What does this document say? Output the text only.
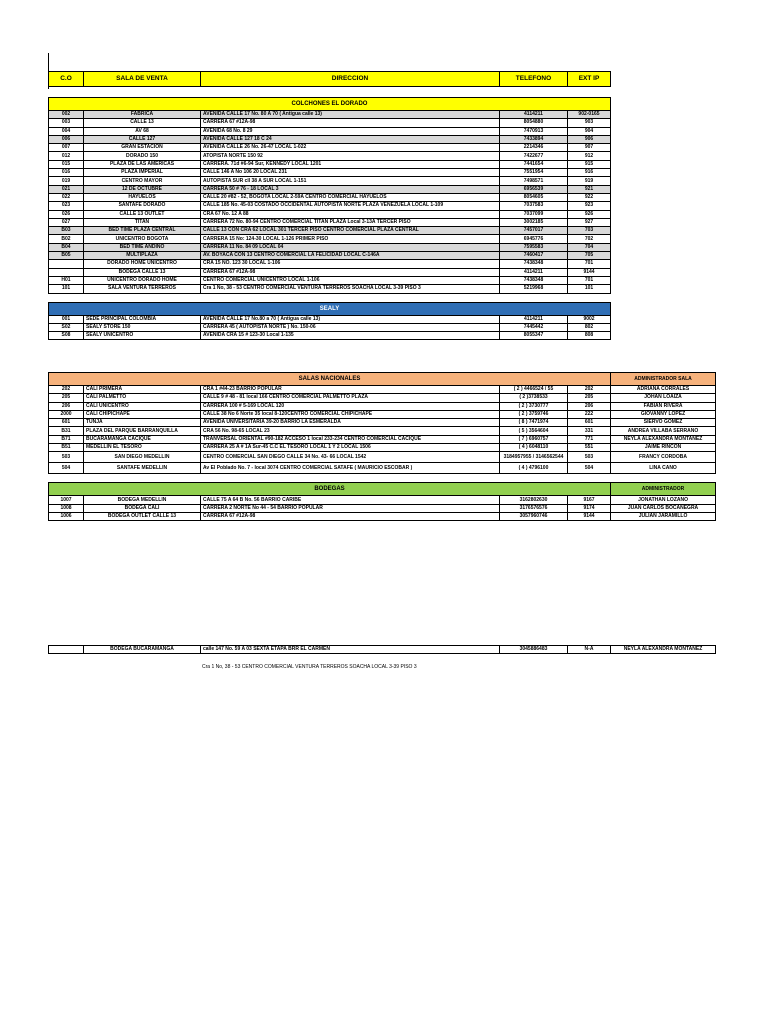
C.O	SALA DE VENTA	DIRECCION	TELEFONO	EXT IP

COLCHONES EL DORADO				
002	FABRICA	AVENIDA CALLE 17 No. 80 A 70 ( Antigua calle 13)	4114211	902-0165
003	CALLE 13	CARRERA 67 #12A-98	8054880	903
004	AV 68	AVENIDA 68 No. 8 29	7470913	904
006	CALLE 127	AVENIDA CALLE 127 18 C 24	7433894	906
007	GRAN ESTACION	AVENIDA CALLE 26 No. 26-47 LOCAL 1-022	2214346	907
012	DORADO 150	ATOPISTA NORTE 150 92	7422677	912
015	PLAZA DE LAS AMERICAS	CARRERA. 71d #6-94 Sur, KENNEDY LOCAL 1201	7441654	915
016	PLAZA IMPERIAL	CALLE 146 A No 106 20 LOCAL 231	7551954	916
019	CENTRO MAYOR	AUTOPISTA SUR cll 38 A SUR LOCAL 1-151	7498571	919
021	12 DE OCTUBRE	CARRERA 50 # 76 - 18 LOCAL 3	6956539	921
022	HAYUELOS	CALLE 20 #82 - 52, BOGOTA LOCAL 2-59A CENTRO COMERCIAL HAYUELOS	8054605	922
023	SANTAFE DORADO	CALLE 185 No. 45-03 COSTADO OCCIDENTAL AUTOPISTA NORTE PLAZA VENEZUELA LOCAL 1-109	7037583	923
026	CALLE 13 OUTLET	CRA 67 No. 12 A 88	7037099	926
027	TITAN	CARRERA 72 No. 80-94 CENTRO COMERCIAL TITAN PLAZA Local 3-13A TERCER PISO	3002185	927
B03	BED TIME PLAZA CENTRAL	CALLE 13 CON CRA 62 LOCAL 301 TERCER PISO CENTRO COMERCIAL PLAZA CENTRAL	7457017	703
B02	UNICENTRO BOGOTA	CARRERA 15 No: 124-30 LOCAL 1-126 PRIMER PISO	6945776	702
B04	BED TIME ANDINO	CARRERA 11 No. 84 09 LOCAL 04	7595583	704
B05	MULTIPLAZA	AV. BOYACA CON 13 CENTRO COMERCIAL LA FELICIDAD LOCAL C-146A	7460417	705
	DORADO HOME UNICENTRO	CRA 15 NO. 123 30 LOCAL 1-106	7438348	701
	BODEGA CALLE 13	CARRERA 67 #12A-98	4114211	9144
H01	UNICENTRO DORADO HOME	CENTRO COMERCIAL UNICENTRO LOCAL 1-106	7438348	701
101	SALA VENTURA TERREROS	Cra 1 No, 38 - 53 CENTRO COMERCIAL VENTURA TERREROS SOACHA LOCAL 3-39 PISO 3	5219968	101

SEALY				
001	SEDE PRINCIPAL COLOMBIA	AVENIDA CALLE 17 No.80 a 70 ( Antigua calle 13)	4114211	9002
S02	SEALY STORE 150	CARRERA 45 ( AUTOPISTA NORTE ) No. 150-06	7445442	802
S08	SEALY UNICENTRO	AVENIDA CRA 15 # 123-30 Local 1-135	8055347	808
SALAS NACIONALES					ADMINISTRADOR SALA
202	CALI PRIMERA	CRA 1 #44-23 BARRIO POPULAR	( 2 ) 4466524 / 55	202	ADRIANA CORRALES
205	CALI PALMETTO	CALLE 9 # 48 - 81 local 166 CENTRO COMERCIAL PALMETTO PLAZA	( 2 )3738533	205	JOHAN LOAIZA
206	CALI UNICENTRO	CARRERA 100 # 5-169 LOCAL 120	( 2 ) 3730777	206	FABIAN RIVERA
2000	CALI CHIPICHAPE	CALLE 38 No 6 Norte 35 local 8-120CENTRO COMERCIAL CHIPICHAPE	( 2 ) 3759746	222	GIOVANNY LOPEZ
601	TUNJA	AVENIDA UNIVERSITARIA 39-20 BARRIO LA ESMERALDA	( 8 ) 7471974	601	SIERVO GOMEZ
B31	PLAZA DEL PARQUE BARRANQUILLA	CRA 56 No. 98-65 LOCAL 23	( 5 ) 3564604	331	ANDREA VILLABA SERRANO
B71	BUCARAMANGA CACIQUE	TRANVERSAL ORIENTAL #90-182 ACCESO 1 local 233-234 CENTRO COMERCIAL CACIQUE	( 7 ) 6960757	771	NEYLA ALEXANDRA MONTAÑEZ
B51	MEDELLIN EL TESORO	CARRERA 25 A # 1A Sur-45 C.C EL TESORO LOCAL 1 Y 2 LOCAL 1506	( 4 ) 6048110	551	JAIME RINCON
503	SAN DIEGO MEDELLIN	CENTRO COMERCIAL SAN DIEGO CALLE 34 No. 43- 66 LOCAL 1542	3184957955 / 3146562544	503	FRANCY CORDOBA
504	SANTAFE MEDELLIN	Av El Poblado No. 7 - local 3074 CENTRO COMERCIAL SATAFE ( MAURICIO ESCOBAR )	( 4 ) 4796100	504	LINA CANO

BODEGAS					ADMINISTRADOR
1007	BODEGA MEDELLIN	CALLE 75 A 64 B No. 56 BARRIO CARIBE	3162802630	9167	JONATHAN LOZANO
1008	BODEGA CALI	CARRERA 2 NORTE No 44 - 54 BARRIO POPULAR	3176576576	9174	JUAN CARLOS BOCANEGRA
1006	BODEGA OUTLET CALLE 13	CARRERA 67 #12A-98	3057960746	9144	JULIAN JARAMILLO
	BODEGA BUCARAMANGA	calle 147 No. 59 A 03 SEXTA ETAPA BRR EL CARMEN	3045886483	N-A	NEYLA ALEXANDRA MONTAÑEZ
Cra 1 No, 38 - 53 CENTRO COMERCIAL VENTURA TERREROS SOACHA LOCAL 3-39 PISO 3
